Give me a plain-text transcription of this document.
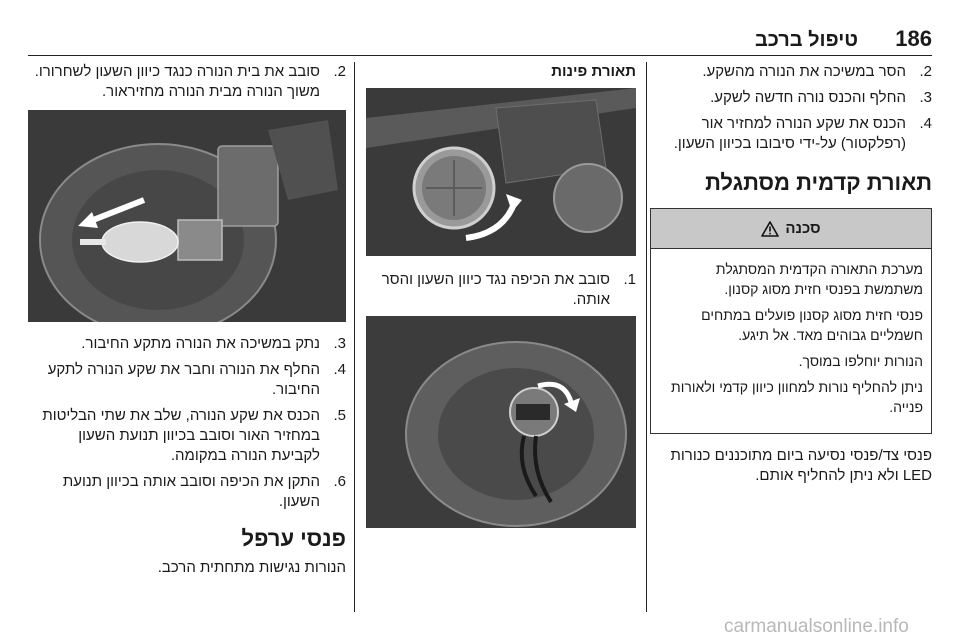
186
טיפול ברכב
2.
הסר במשיכה את הנורה מהשקע.
3.
החלף והכנס נורה חדשה לשקע.
4.
הכנס את שקע הנורה למחזיר אור (רפלקטור) על-ידי סיבובו בכיוון השעון.
תאורת קדמית מסתגלת
סכנה

מערכת התאורה הקדמית המסתגלת משתמשת בפנסי חזית מסוג קסנון.

פנסי חזית מסוג קסנון פועלים במתחים חשמליים גבוהים מאד. אל תיגע.

הנורות יוחלפו במוסך.

ניתן להחליף נורות למחוון כיוון קדמי ולאורות פנייה.

פנסי צד/פנסי נסיעה ביום מתוכננים כנורות LED ולא ניתן להחליף אותם.

תאורת פינות
1.
סובב את הכיפה נגד כיוון השעון והסר אותה.
2.
סובב את בית הנורה כנגד כיוון השעון לשחרורו. משוך הנורה מבית הנורה מחזיראור.
3.
נתק במשיכה את הנורה מתקע החיבור.
4.
החלף את הנורה וחבר את שקע הנורה לתקע החיבור.
5.
הכנס את שקע הנורה, שלב את שתי הבליטות במחזיר האור וסובב בכיוון תנועת השעון לקביעת הנורה במקומה.
6.
התקן את הכיפה וסובב אותה בכיוון תנועת השעון.
פנסי ערפל

הנורות נגישות מתחתית הרכב.

carmanualsonline.info
